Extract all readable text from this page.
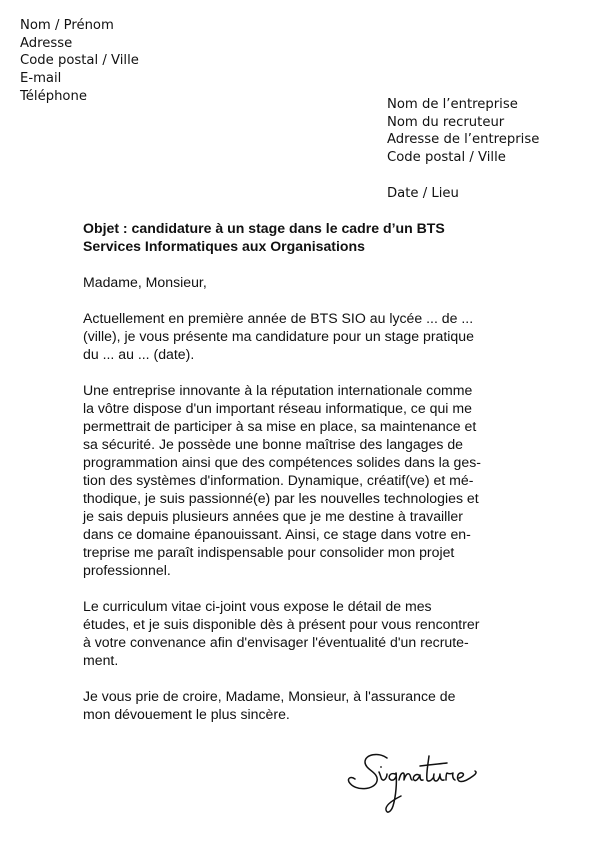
Nom / Prénom
Adresse
Code postal / Ville
E-mail
Téléphone
Nom de l’entreprise
Nom du recruteur
Adresse de l’entreprise
Code postal / Ville
Date / Lieu
Objet : candidature à un stage dans le cadre d’un BTS
Services Informatiques aux Organisations
Madame, Monsieur,
Actuellement en première année de BTS SIO au lycée ... de ...
(ville), je vous présente ma candidature pour un stage pratique
du ... au ... (date).
Une entreprise innovante à la réputation internationale comme
la vôtre dispose d'un important réseau informatique, ce qui me
permettrait de participer à sa mise en place, sa maintenance et
sa sécurité. Je possède une bonne maîtrise des langages de
programmation ainsi que des compétences solides dans la ges-
tion des systèmes d'information. Dynamique, créatif(ve) et mé-
thodique, je suis passionné(e) par les nouvelles technologies et
je sais depuis plusieurs années que je me destine à travailler
dans ce domaine épanouissant. Ainsi, ce stage dans votre en-
treprise me paraît indispensable pour consolider mon projet
professionnel.
Le curriculum vitae ci-joint vous expose le détail de mes
études, et je suis disponible dès à présent pour vous rencontrer
à votre convenance afin d'envisager l'éventualité d'un recrute-
ment.
Je vous prie de croire, Madame, Monsieur, à l'assurance de
mon dévouement le plus sincère.
